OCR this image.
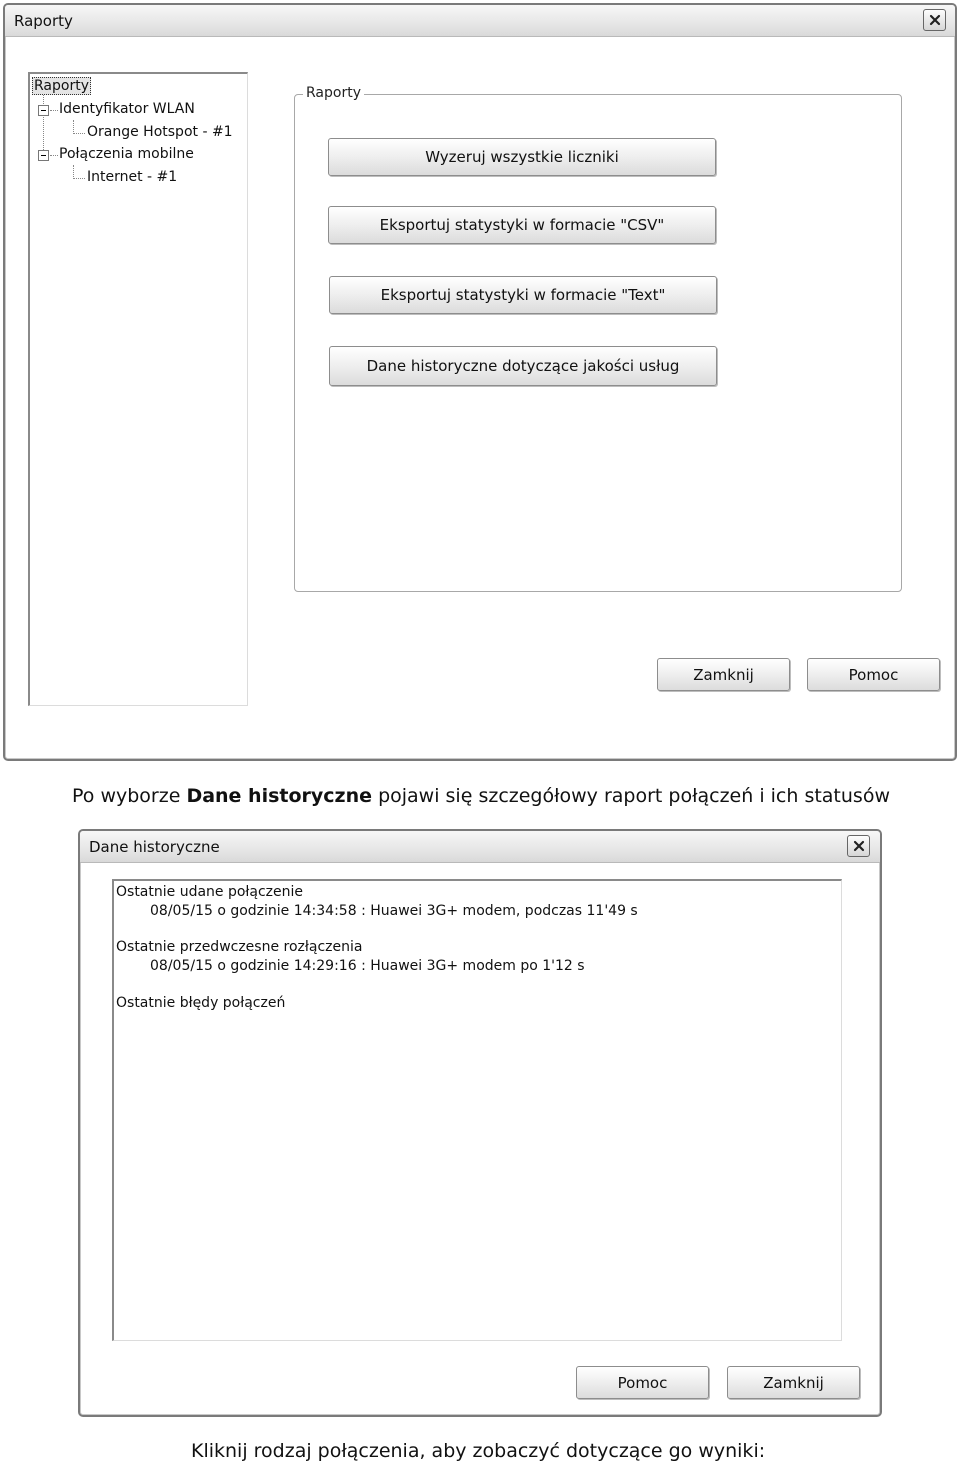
Raporty
Raporty
Identyfikator WLAN
Orange Hotspot - #1
Połączenia mobilne
Internet - #1
Raporty
Wyzeruj wszystkie liczniki
Eksportuj statystyki w formacie "CSV"
Eksportuj statystyki w formacie "Text"
Dane historyczne dotyczące jakości usług
Zamknij	Pomoc
Po wyborze Dane historyczne pojawi się szczegółowy raport połączeń i ich statusów
Dane historyczne
Ostatnie udane połączenie
08/05/15 o godzinie 14:34:58 : Huawei 3G+ modem, podczas 11'49 s
Ostatnie przedwczesne rozłączenia
08/05/15 o godzinie 14:29:16 : Huawei 3G+ modem po 1'12 s
Ostatnie błędy połączeń
Pomoc	Zamknij
Kliknij rodzaj połączenia, aby zobaczyć dotyczące go wyniki:
